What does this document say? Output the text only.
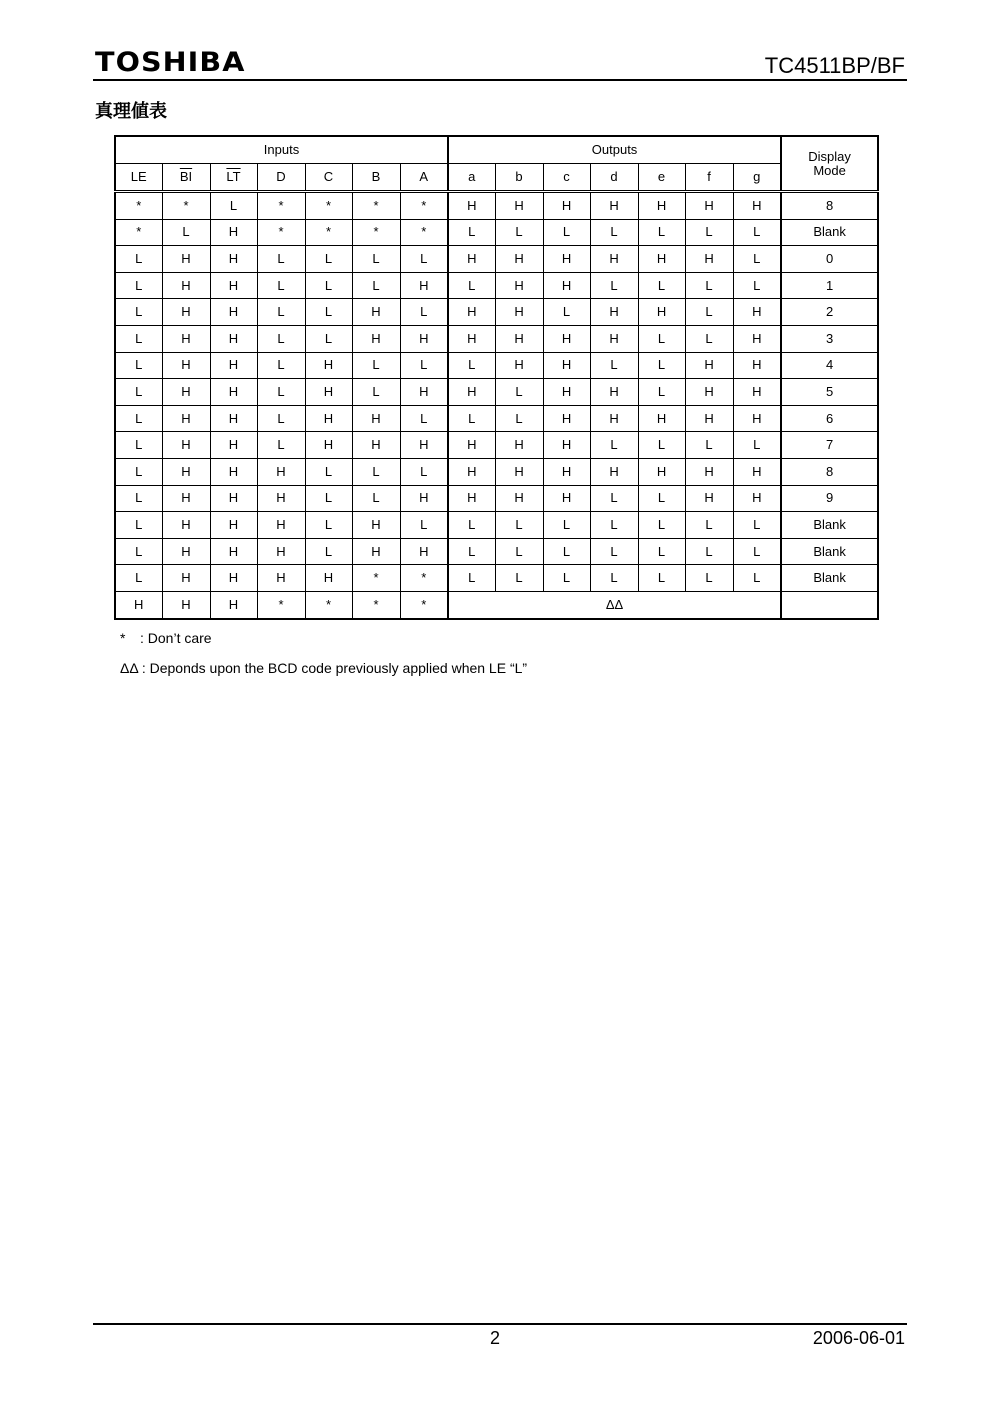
TOSHIBA	TC4511BP/BF
真理値表
Inputs							Outputs							Display
Mode
LE	$\overline{BI}$	$\overline{LT}$	D	C	B	A	a	b	c	d	e	f	g	
*	*	L	*	*	*	*	H	H	H	H	H	H	H	8
*	L	H	*	*	*	*	L	L	L	L	L	L	L	Blank
L	H	H	L	L	L	L	H	H	H	H	H	H	L	0
L	H	H	L	L	L	H	L	H	H	L	L	L	L	1
L	H	H	L	L	H	L	H	H	L	H	H	L	H	2
L	H	H	L	L	H	H	H	H	H	H	L	L	H	3
L	H	H	L	H	L	L	L	H	H	L	L	H	H	4
L	H	H	L	H	L	H	H	L	H	H	L	H	H	5
L	H	H	L	H	H	L	L	L	H	H	H	H	H	6
L	H	H	L	H	H	H	H	H	H	L	L	L	L	7
L	H	H	H	L	L	L	H	H	H	H	H	H	H	8
L	H	H	H	L	L	H	H	H	H	L	L	H	H	9
L	H	H	H	L	H	L	L	L	L	L	L	L	L	Blank
L	H	H	H	L	H	H	L	L	L	L	L	L	L	Blank
L	H	H	H	H	*	*	L	L	L	L	L	L	L	Blank
H	H	H	*	*	*	*	ΔΔ							
* : Don’t care
ΔΔ : Deponds upon the BCD code previously applied when LE “L”
2	2006-06-01
